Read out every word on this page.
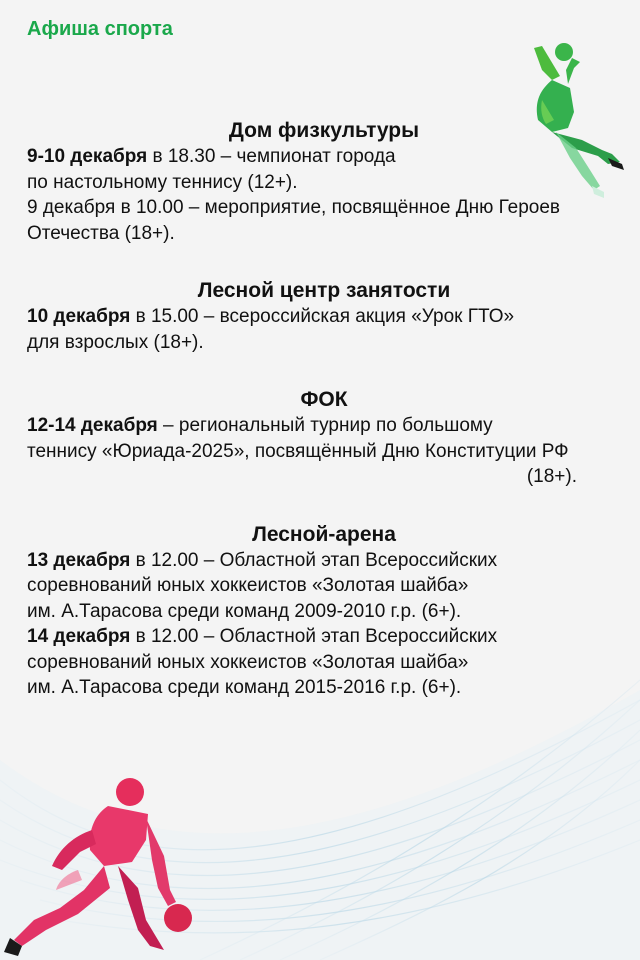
Афиша спорта
Дом физкультуры
9-10 декабря в 18.30 – чемпионат города
по настольному теннису (12+).
9 декабря в 10.00 – мероприятие, посвящённое Дню Героев
Отечества (18+).
Лесной центр занятости
10 декабря в 15.00 – всероссийская акция «Урок ГТО»
для взрослых (18+).
ФОК
12-14 декабря – региональный турнир по большому
теннису «Юриада-2025», посвящённый Дню Конституции РФ
(18+).
Лесной-арена
13 декабря в 12.00 – Областной этап Всероссийских
соревнований юных хоккеистов «Золотая шайба»
им. А.Тарасова среди команд 2009-2010 г.р. (6+).
14 декабря в 12.00 – Областной этап Всероссийских
соревнований юных хоккеистов «Золотая шайба»
им. А.Тарасова среди команд 2015-2016 г.р. (6+).
